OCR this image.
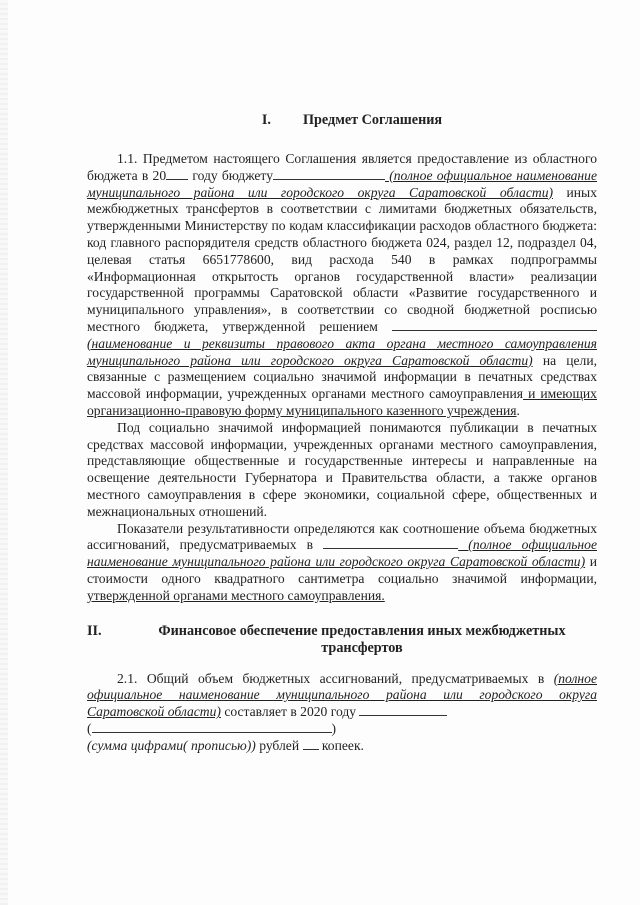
I. Предмет Соглашения

1.1. Предметом настоящего Соглашения является предоставление из областного бюджета в 20 году бюджету	(полное официальное наименование муниципального района или городского округа Саратовской области) иных межбюджетных трансфертов в соответствии с лимитами бюджетных обязательств, утвержденными Министерству по кодам классификации расходов областного бюджета: код главного распорядителя средств областного бюджета 024, раздел 12, подраздел 04, целевая статья 6651778600, вид расхода 540 в рамках подпрограммы «Информационная открытость органов государственной власти» реализации государственной программы Саратовской области «Развитие государственного и муниципального управления», в соответствии со сводной бюджетной росписью местного бюджета, утвержденной решением  (наименование и реквизиты правового акта органа местного самоуправления муниципального района или городского округа Саратовской области) на цели, связанные с размещением социально значимой информации в печатных средствах массовой информации, учрежденных органами местного самоуправления и имеющих организационно-правовую форму муниципального казенного учреждения.

Под социально значимой информацией понимаются публикации в печатных средствах массовой информации, учрежденных органами местного самоуправления, представляющие общественные и государственные интересы и направленные на освещение деятельности Губернатора и Правительства области, а также органов местного самоуправления в сфере экономики, социальной сфере, общественных и межнациональных отношений.

Показатели результативности определяются как соотношение объема бюджетных ассигнований, предусматриваемых в	(полное официальное наименование муниципального района или городского округа Саратовской области) и стоимости одного квадратного сантиметра социально значимой информации, утвержденной органами местного самоуправления.

II.	Финансовое обеспечение предоставления иных межбюджетных трансфертов

2.1. Общий объем бюджетных ассигнований, предусматриваемых в (полное официальное наименование муниципального района или городского округа Саратовской области) составляет в 2020 году
(	)
(сумма цифрами( прописью)) рублей  копеек.
